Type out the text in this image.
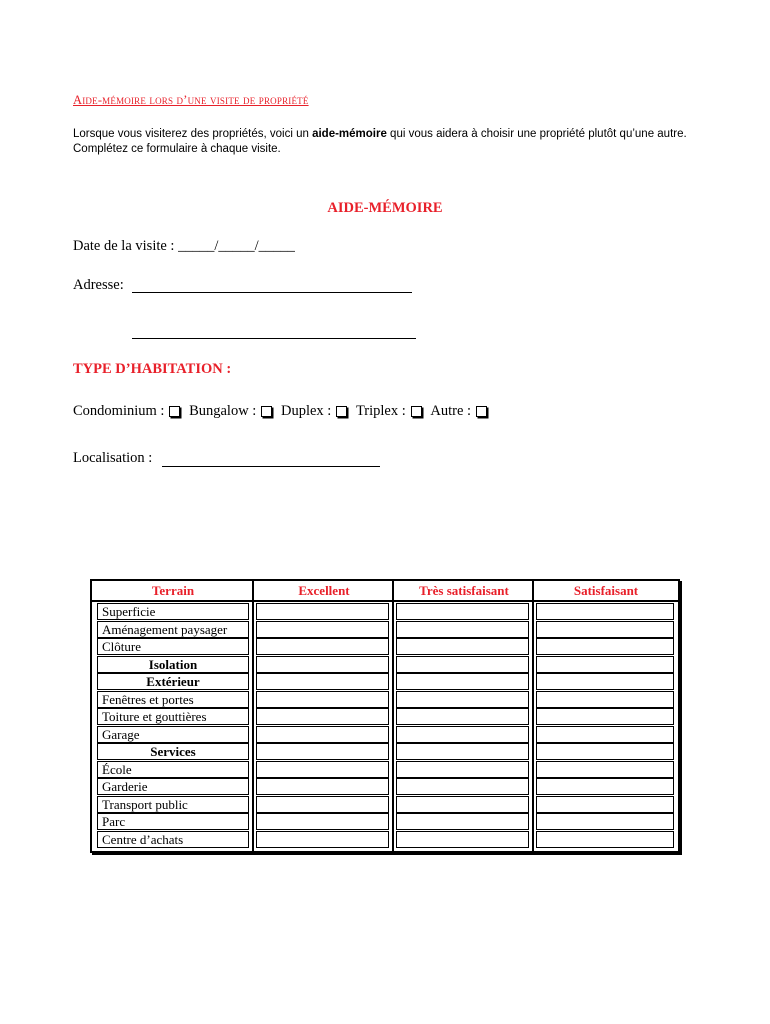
Aide-mémoire lors d’une visite de propriété
Lorsque vous visiterez des propriétés, voici un aide-mémoire qui vous aidera à choisir une propriété plutôt qu’une autre. Complétez ce formulaire à chaque visite.
AIDE-MÉMOIRE
Date de la visite : _____/_____/_____
Adresse:
TYPE D’HABITATION :
Condominium :
Bungalow :
Duplex :
Triplex :
Autre :
Localisation :
Terrain	Excellent	Très satisfaisant	Satisfaisant
Superficie
Aménagement paysager
Clôture
Isolation
Extérieur
Fenêtres et portes
Toiture et gouttières
Garage
Services
École
Garderie
Transport public
Parc
Centre d’achats
